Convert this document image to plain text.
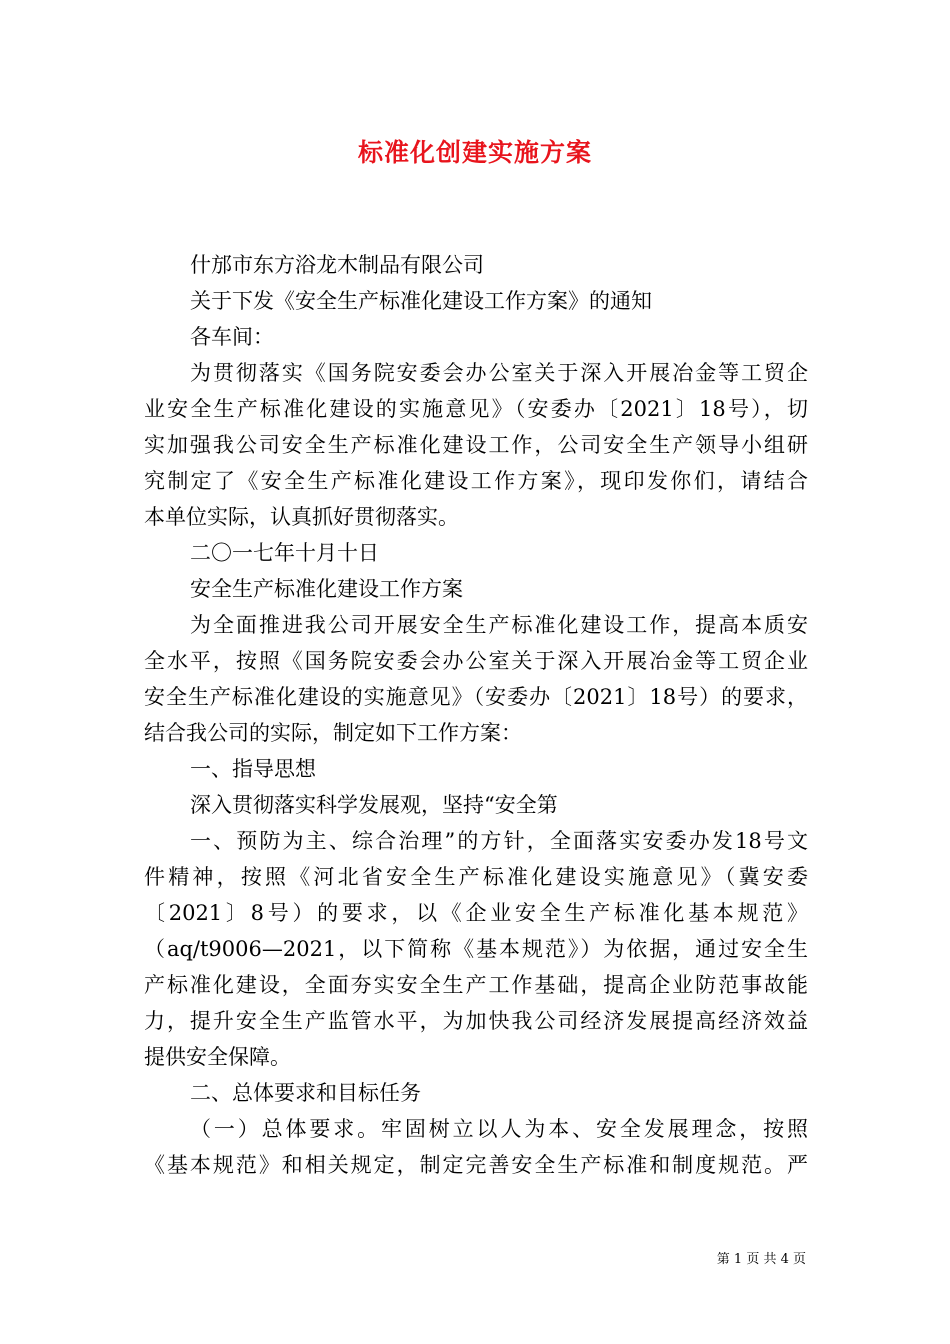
标准化创建实施方案
什邡市东方浴龙木制品有限公司
关于下发《安全生产标准化建设工作方案》的通知
各车间：
为贯彻落实《国务院安委会办公室关于深入开展冶金等工贸企
业安全生产标准化建设的实施意见》（安委办〔2021〕18号），切
实加强我公司安全生产标准化建设工作，公司安全生产领导小组研
究制定了《安全生产标准化建设工作方案》，现印发你们，请结合
本单位实际，认真抓好贯彻落实。
二〇一七年十月十日
安全生产标准化建设工作方案
为全面推进我公司开展安全生产标准化建设工作，提高本质安
全水平，按照《国务院安委会办公室关于深入开展冶金等工贸企业
安全生产标准化建设的实施意见》（安委办〔2021〕18号）的要求，
结合我公司的实际，制定如下工作方案：
一、指导思想
深入贯彻落实科学发展观，坚持“安全第
一、预防为主、综合治理”的方针，全面落实安委办发18号文
件精神，按照《河北省安全生产标准化建设实施意见》（冀安委
〔2021〕8号）的要求，以《企业安全生产标准化基本规范》
（aq/t9006—2021，以下简称《基本规范》）为依据，通过安全生
产标准化建设，全面夯实安全生产工作基础，提高企业防范事故能
力，提升安全生产监管水平，为加快我公司经济发展提高经济效益
提供安全保障。
二、总体要求和目标任务
（一）总体要求。牢固树立以人为本、安全发展理念，按照
《基本规范》和相关规定，制定完善安全生产标准和制度规范。严
第 1 页 共 4 页
